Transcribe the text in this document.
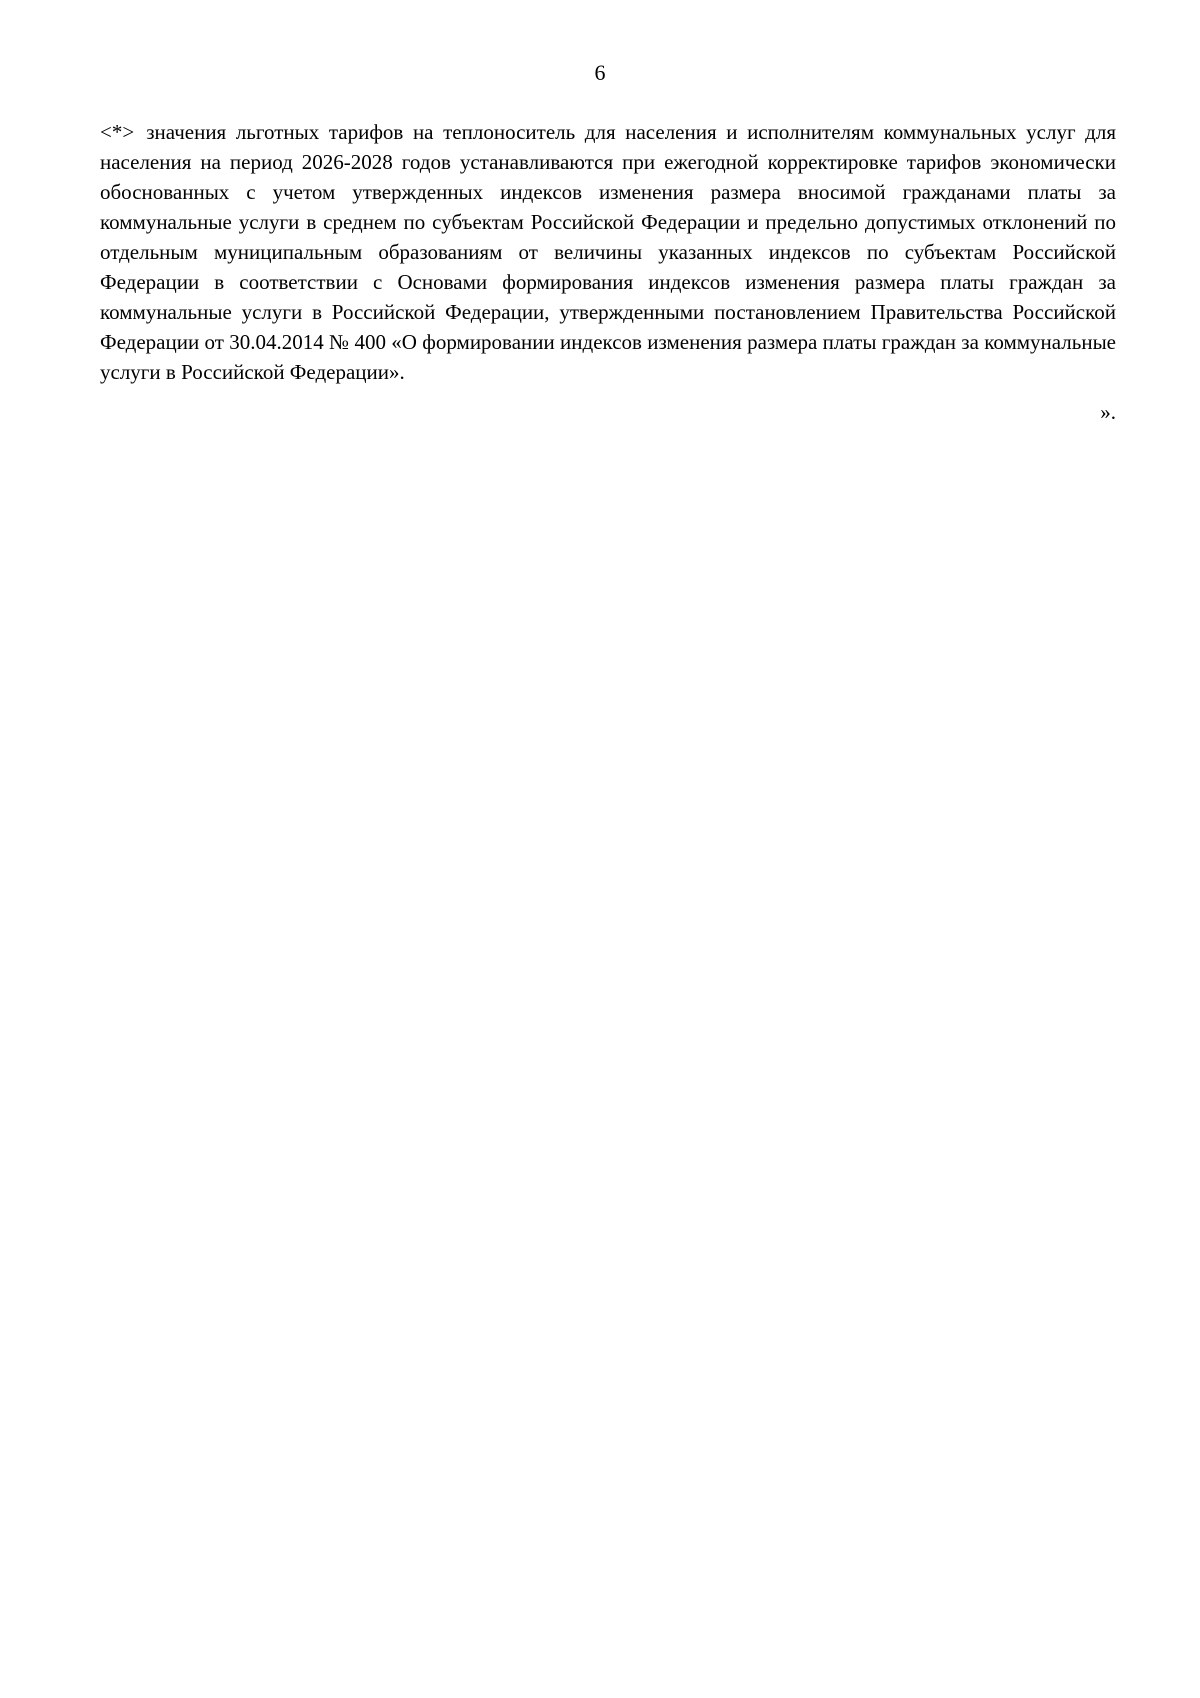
6

<*> значения льготных тарифов на теплоноситель для населения и исполнителям коммунальных услуг для населения на период 2026-2028 годов устанавливаются при ежегодной корректировке тарифов экономически обоснованных с учетом утвержденных индексов изменения размера вносимой гражданами платы за коммунальные услуги в среднем по субъектам Российской Федерации и предельно допустимых отклонений по отдельным муниципальным образованиям от величины указанных индексов по субъектам Российской Федерации в соответствии с Основами формирования индексов изменения размера платы граждан за коммунальные услуги в Российской Федерации, утвержденными постановлением Правительства Российской Федерации от 30.04.2014 № 400 «О формировании индексов изменения размера платы граждан за коммунальные услуги в Российской Федерации».

».
